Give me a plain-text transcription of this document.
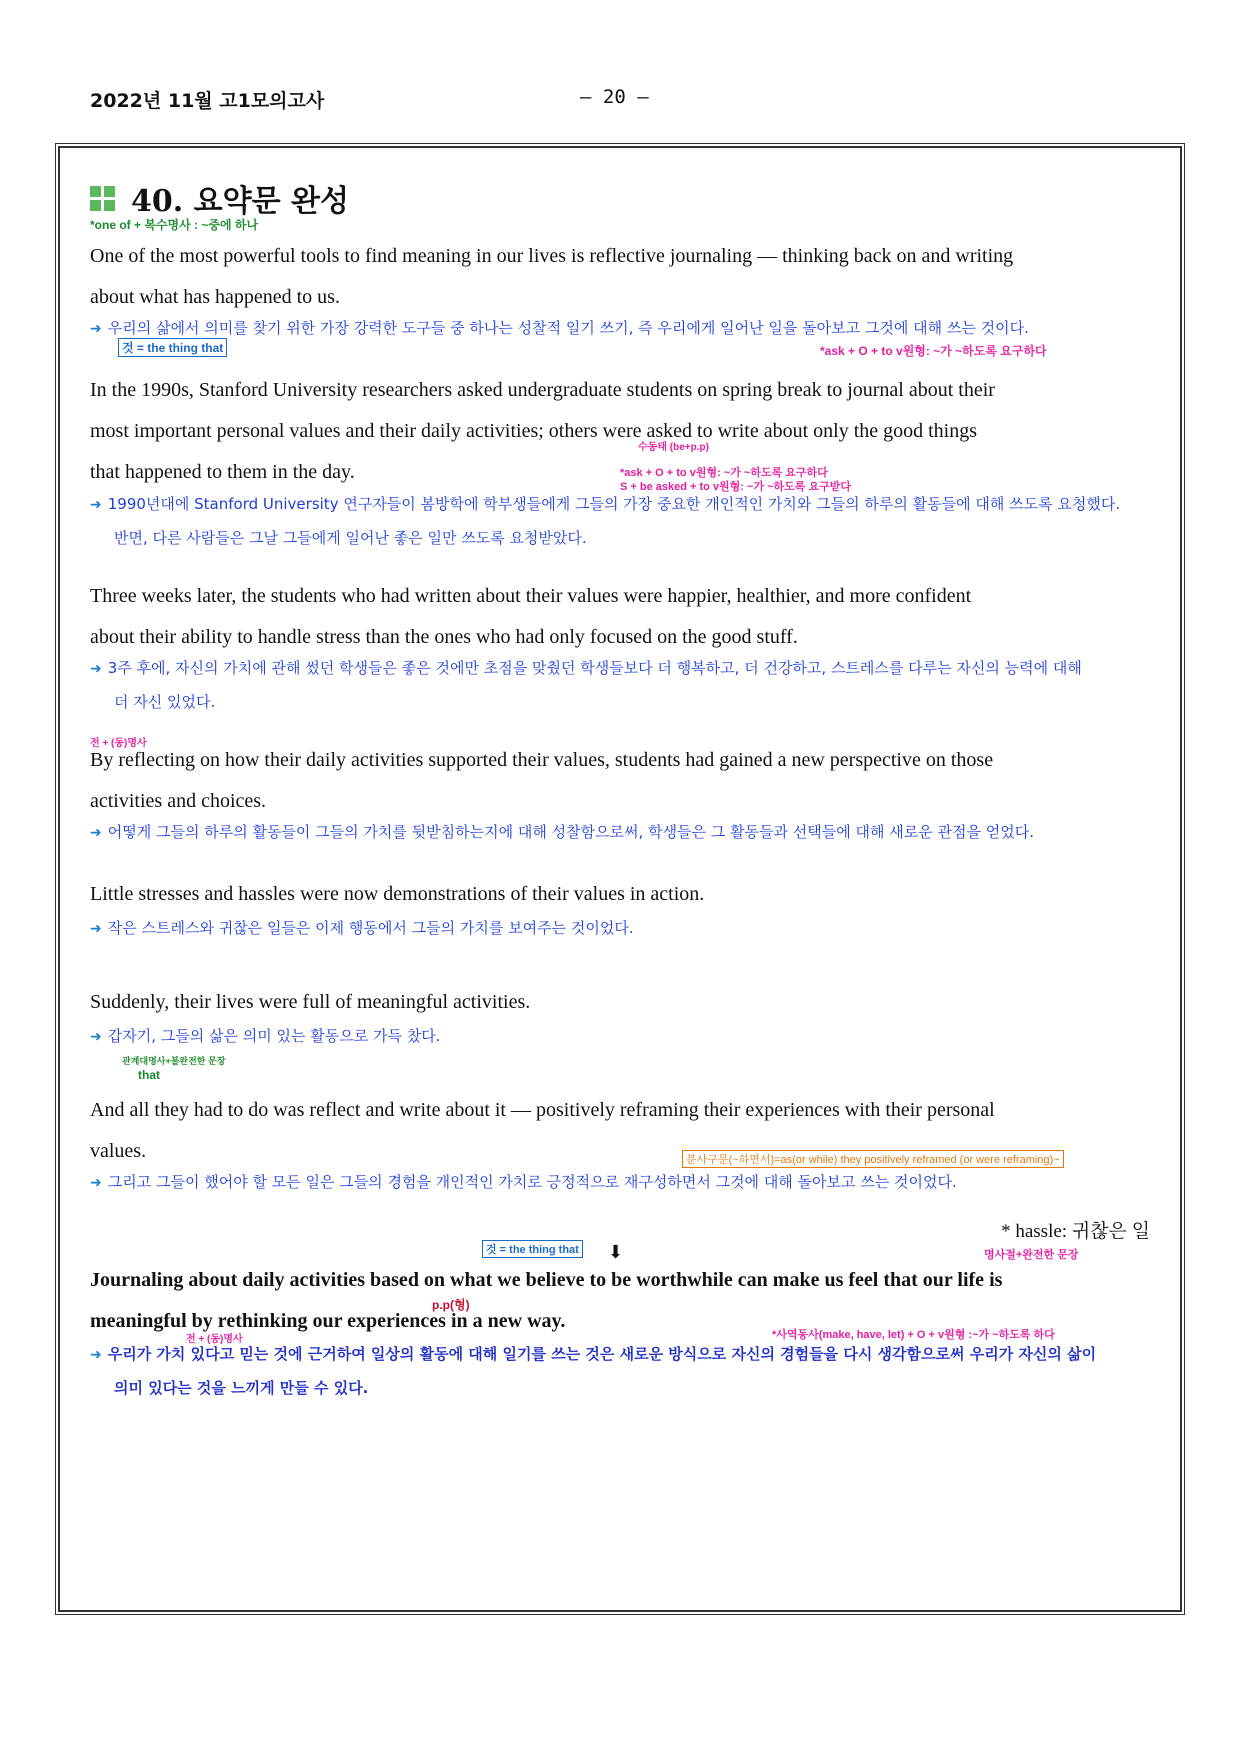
2022년 11월 고1모의고사	– 20 –
40. 요약문 완성
*one of + 복수명사 : ~중에 하나
One of the most powerful tools to find meaning in our lives is reflective journaling — thinking back on and writing
about what has happened to us.
것 = the thing that
➜ 우리의 삶에서 의미를 찾기 위한 가장 강력한 도구들 중 하나는 성찰적 일기 쓰기, 즉 우리에게 일어난 일을 돌아보고 그것에 대해 쓰는 것이다.
*ask + O + to v원형: ~가 ~하도록 요구하다
In the 1990s, Stanford University researchers asked undergraduate students on spring break to journal about their
most important personal values and their daily activities; others were asked to write about only the good things
that happened to them in the day.
수동태 (be+p.p)
*ask + O + to v원형: ~가 ~하도록 요구하다
S + be asked + to v원형: ~가 ~하도록 요구받다
➜ 1990년대에 Stanford University 연구자들이 봄방학에 학부생들에게 그들의 가장 중요한 개인적인 가치와 그들의 하루의 활동들에 대해 쓰도록 요청했다.
반면, 다른 사람들은 그날 그들에게 일어난 좋은 일만 쓰도록 요청받았다.
Three weeks later, the students who had written about their values were happier, healthier, and more confident
about their ability to handle stress than the ones who had only focused on the good stuff.
➜ 3주 후에, 자신의 가치에 관해 썼던 학생들은 좋은 것에만 초점을 맞췄던 학생들보다 더 행복하고, 더 건강하고, 스트레스를 다루는 자신의 능력에 대해
더 자신 있었다.
전 + (동)명사
By reflecting on how their daily activities supported their values, students had gained a new perspective on those
activities and choices.
➜ 어떻게 그들의 하루의 활동들이 그들의 가치를 뒷받침하는지에 대해 성찰함으로써, 학생들은 그 활동들과 선택들에 대해 새로운 관점을 얻었다.
Little stresses and hassles were now demonstrations of their values in action.
➜ 작은 스트레스와 귀찮은 일들은 이제 행동에서 그들의 가치를 보여주는 것이었다.
Suddenly, their lives were full of meaningful activities.
➜ 갑자기, 그들의 삶은 의미 있는 활동으로 가득 찼다.
관계대명사+불완전한 문장
that
And all they had to do was reflect and write about it — positively reframing their experiences with their personal
values.	분사구문(~하면서)=as(or while) they positively reframed (or were reframing)~
➜ 그리고 그들이 했어야 할 모든 일은 그들의 경험을 개인적인 가치로 긍정적으로 재구성하면서 그것에 대해 돌아보고 쓰는 것이었다.
* hassle: 귀찮은 일
것 = the thing that ⬇	명사절+완전한 문장
Journaling about daily activities based on what we believe to be worthwhile can make us feel that our life is
meaningful by rethinking our experiences in a new way.
p.p(형)
전 + (동)명사	*사역동사(make, have, let) + O + v원형 :~가 ~하도록 하다
➜ 우리가 가치 있다고 믿는 것에 근거하여 일상의 활동에 대해 일기를 쓰는 것은 새로운 방식으로 자신의 경험들을 다시 생각함으로써 우리가 자신의 삶이
의미 있다는 것을 느끼게 만들 수 있다.
